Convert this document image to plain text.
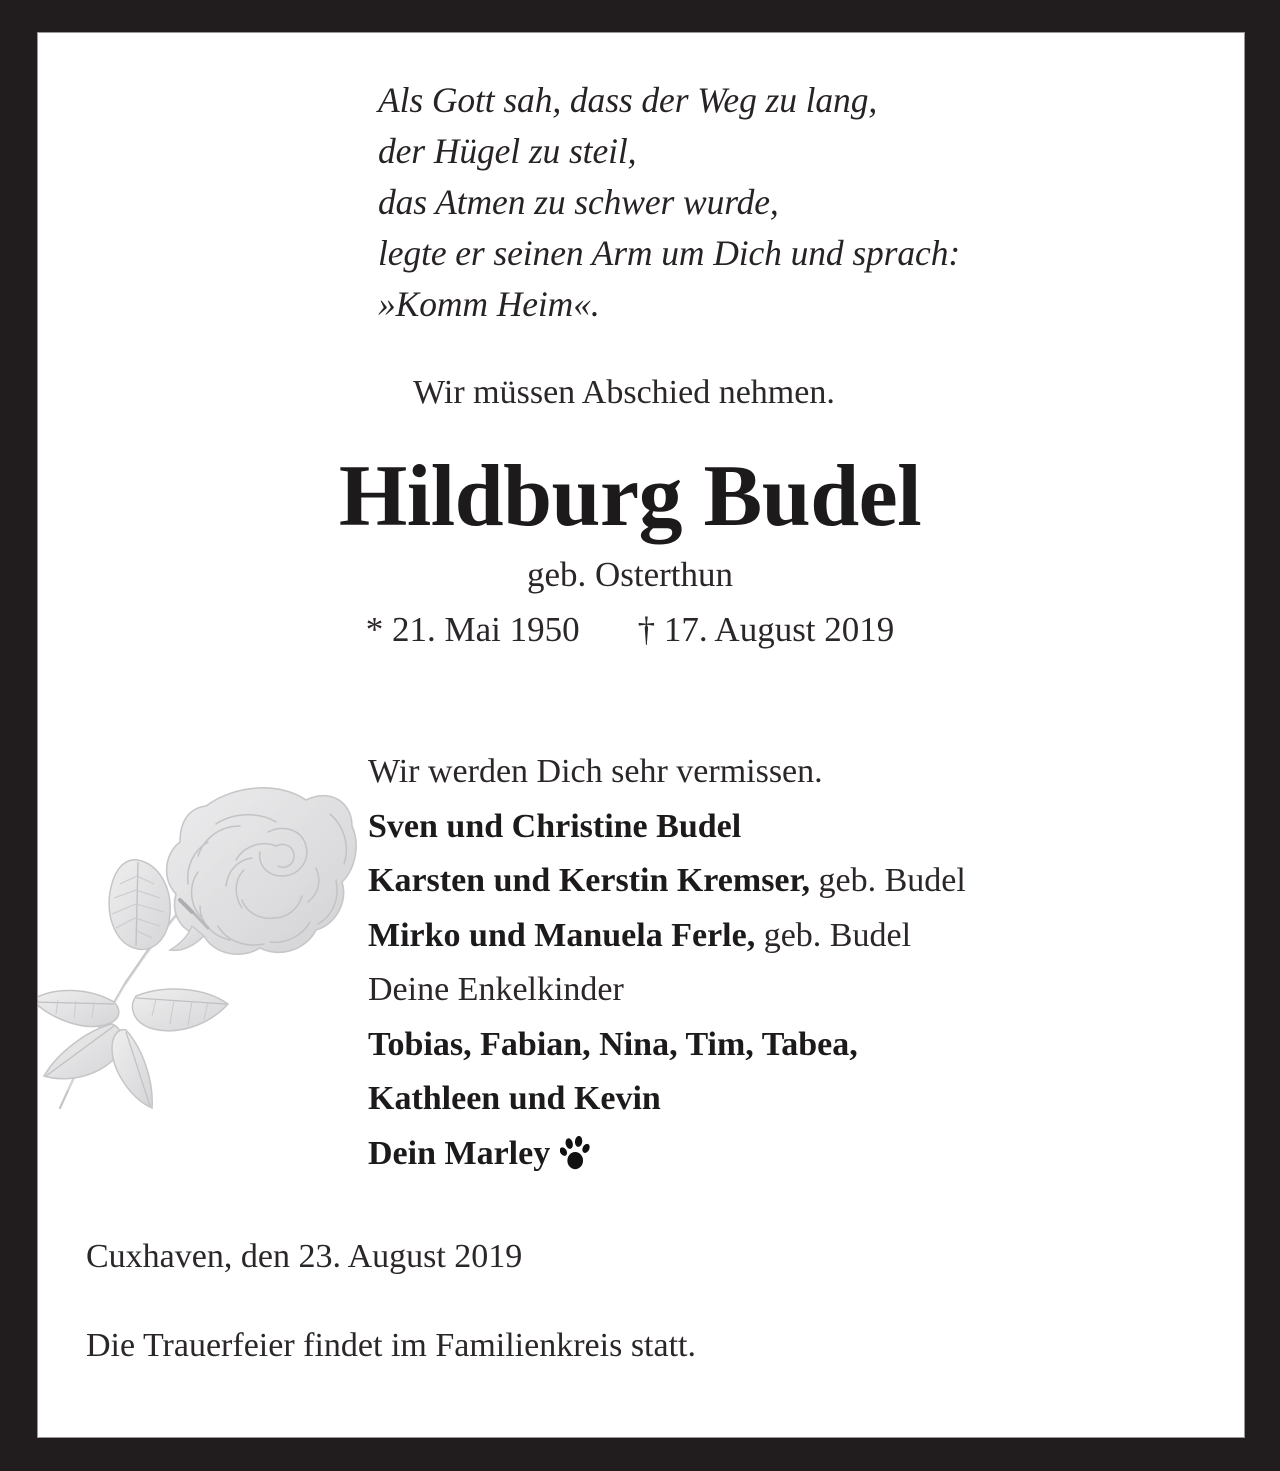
Als Gott sah, dass der Weg zu lang,
der Hügel zu steil,
das Atmen zu schwer wurde,
legte er seinen Arm um Dich und sprach:
»Komm Heim«.
Wir müssen Abschied nehmen.
Hildburg Budel
geb. Osterthun
* 21. Mai 1950 † 17. August 2019
Wir werden Dich sehr vermissen.
Sven und Christine Budel
Karsten und Kerstin Kremser, geb. Budel
Mirko und Manuela Ferle, geb. Budel
Deine Enkelkinder
Tobias, Fabian, Nina, Tim, Tabea,
Kathleen und Kevin
Dein Marley
Cuxhaven, den 23. August 2019
Die Trauerfeier findet im Familienkreis statt.
